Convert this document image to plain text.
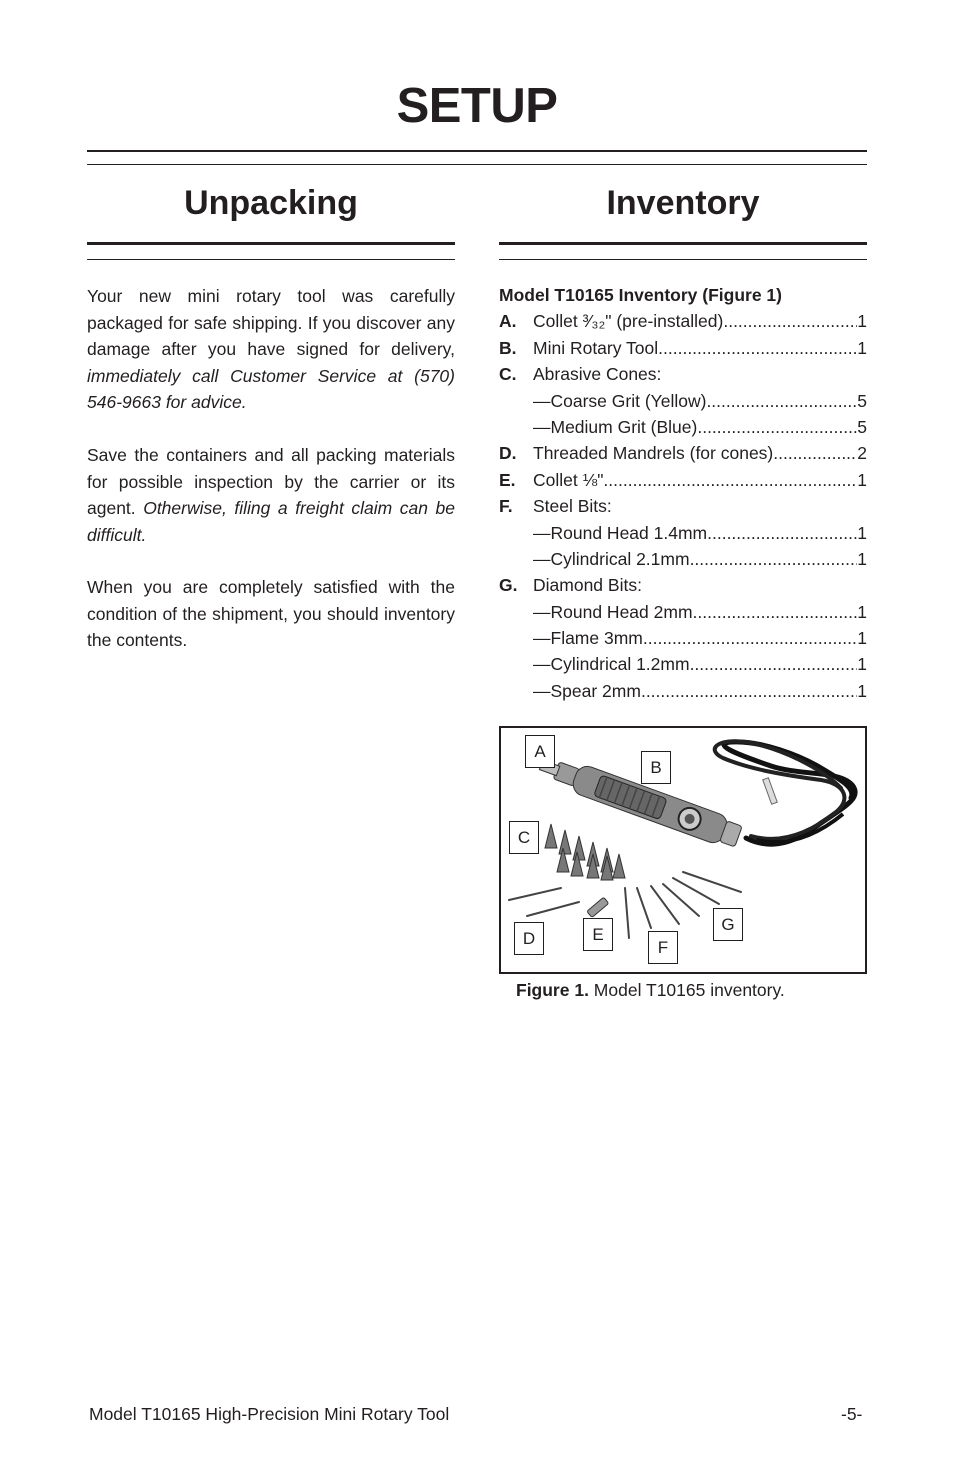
SETUP
Unpacking

Your new mini rotary tool was carefully packaged for safe shipping. If you discover any damage after you have signed for delivery, immediately call Customer Service at (570) 546-9663 for advice.

Save the containers and all packing materials for possible inspection by the carrier or its agent. Otherwise, filing a freight claim can be difficult.

When you are completely satisfied with the condition of the shipment, you should inventory the contents.

Inventory
Model T10165 Inventory (Figure 1)
A. Collet ³⁄₃₂" (pre-installed) .....	1
B. Mini Rotary Tool .....	1
C. Abrasive Cones:
—Coarse Grit (Yellow) .....	5
—Medium Grit (Blue) .....	5
D. Threaded Mandrels (for cones) .....	2
E. Collet ⅛" .....	1
F.	Steel Bits:
—Round Head 1.4mm .....	1
—Cylindrical 2.1mm .....	1
G. Diamond Bits:
—Round Head 2mm .....	1
—Flame 3mm .....	1
—Cylindrical 1.2mm .....	1
—Spear 2mm .....	1
A
B
C
D	E
F
G
Figure 1. Model T10165 inventory.
Model T10165 High-Precision Mini Rotary Tool	-5-
